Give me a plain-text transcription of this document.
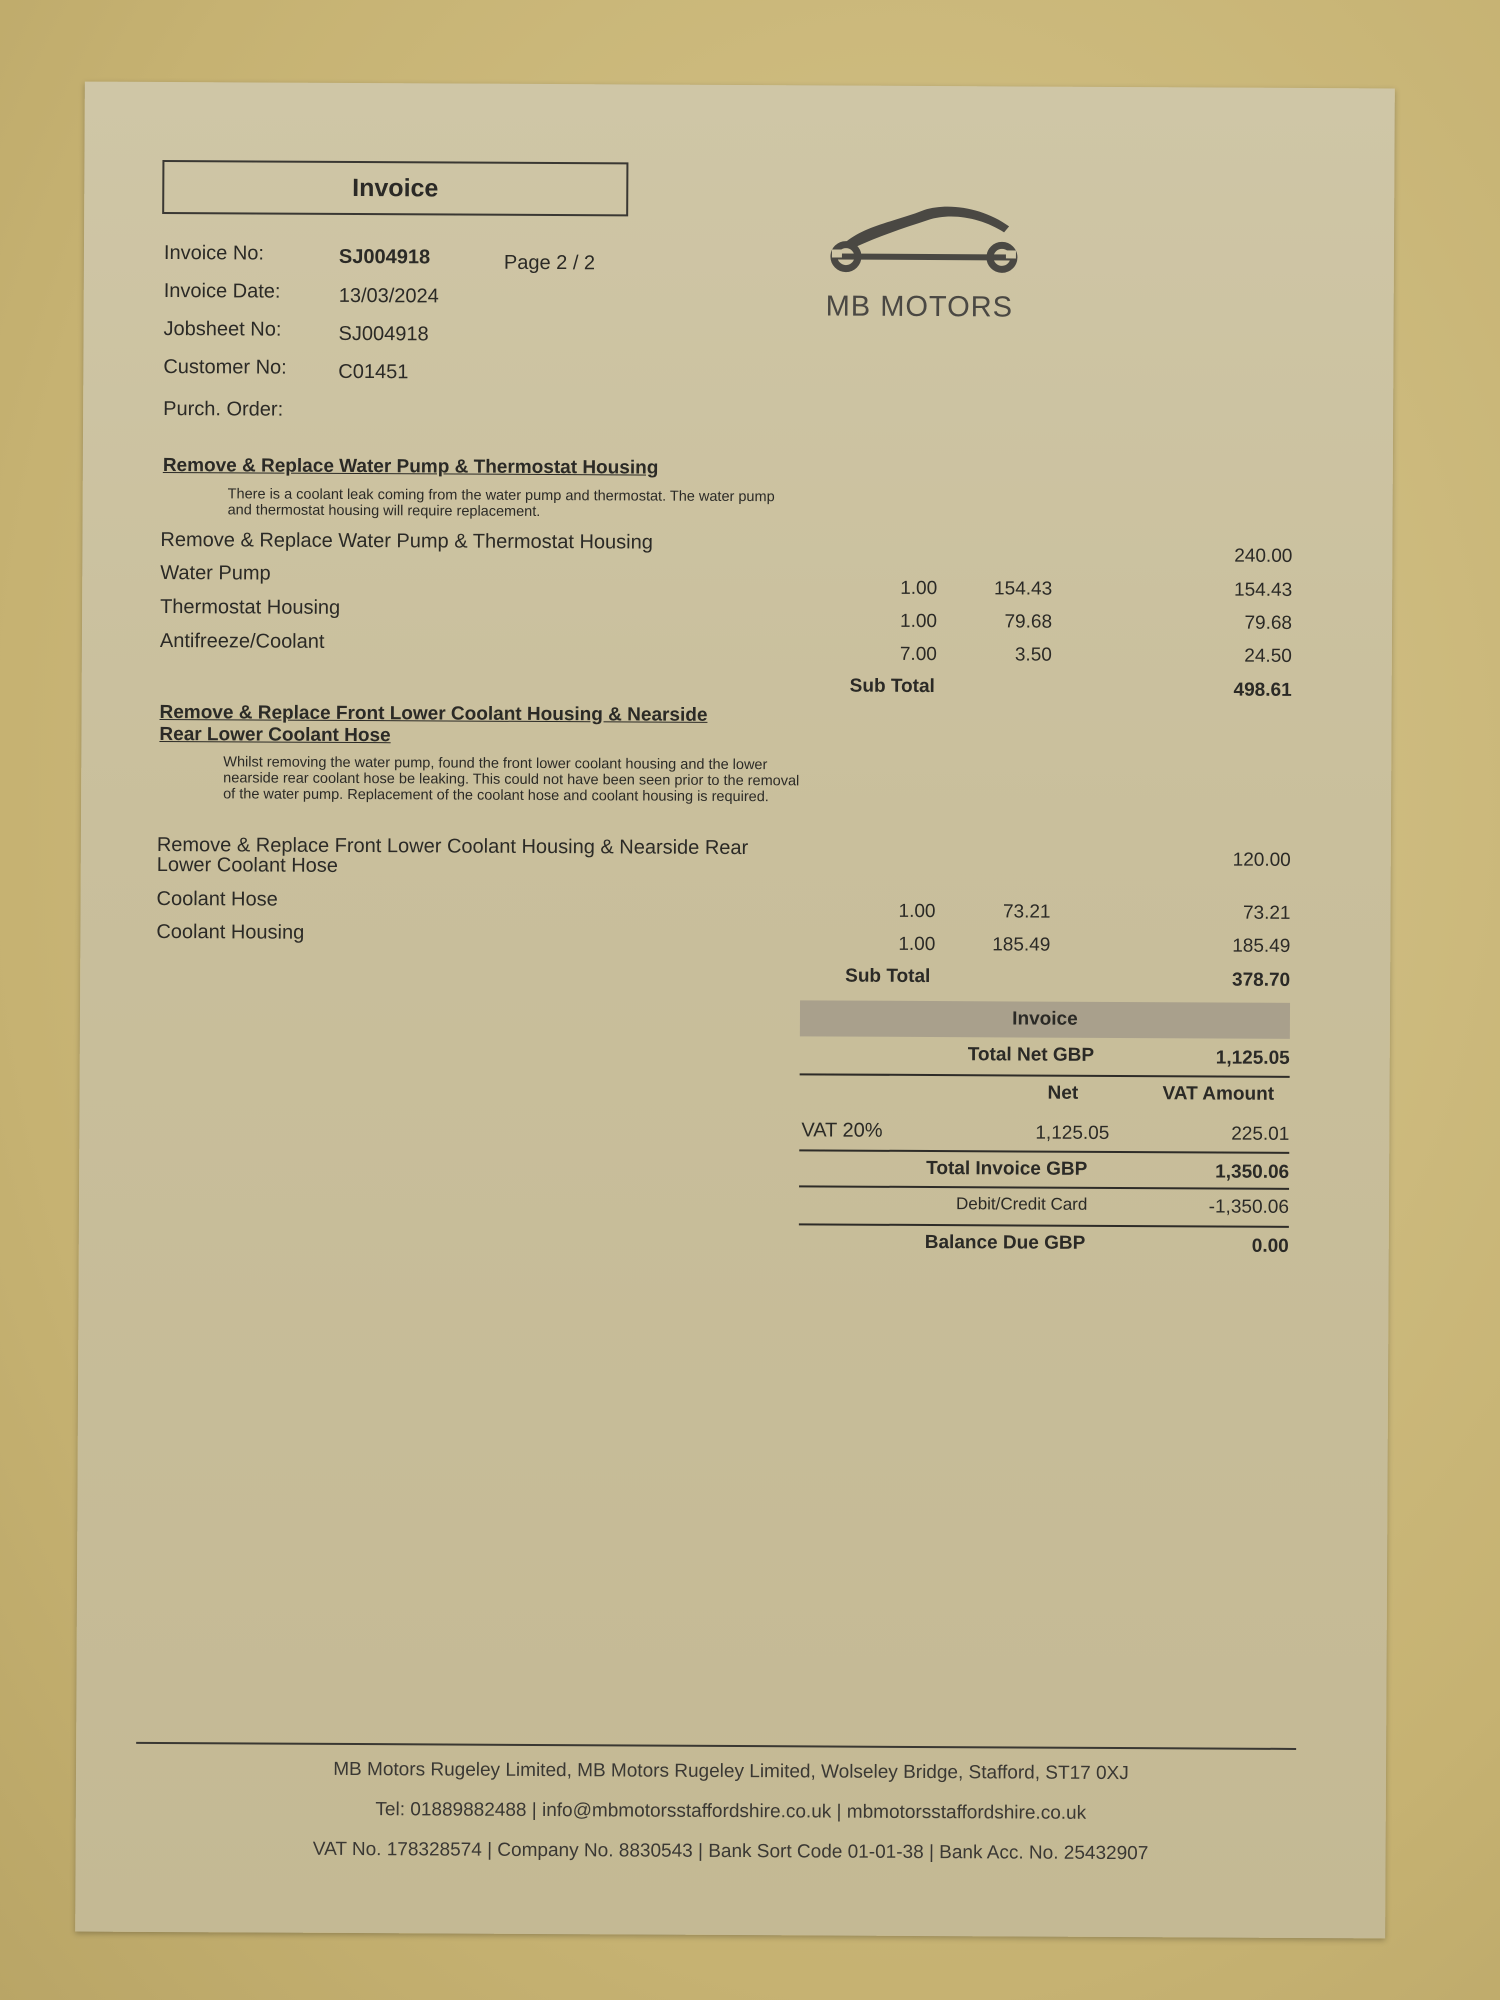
Invoice
Invoice No:	SJ004918	Page 2 / 2
Invoice Date:	13/03/2024
Jobsheet No:	SJ004918
Customer No:	C01451
Purch. Order:
MB MOTORS
Remove & Replace Water Pump & Thermostat Housing
There is a coolant leak coming from the water pump and thermostat. The water pump and thermostat housing will require replacement.
Remove & Replace Water Pump & Thermostat Housing
240.00
Water Pump
1.00	154.43	154.43
Thermostat Housing
1.00	79.68	79.68
Antifreeze/Coolant
7.00	3.50	24.50
Sub Total	498.61
Remove & Replace Front Lower Coolant Housing & Nearside
Rear Lower Coolant Hose
Whilst removing the water pump, found the front lower coolant housing and the lower nearside rear coolant hose be leaking. This could not have been seen prior to the removal of the water pump. Replacement of the coolant hose and coolant housing is required.
Remove & Replace Front Lower Coolant Housing & Nearside Rear
Lower Coolant Hose	120.00
Coolant Hose
1.00	73.21	73.21
Coolant Housing
1.00	185.49	185.49
Sub Total	378.70
Invoice
Total Net GBP	1,125.05
Net	VAT Amount
VAT 20%	1,125.05	225.01
Total Invoice GBP	1,350.06
Debit/Credit Card	-1,350.06
Balance Due GBP	0.00
MB Motors Rugeley Limited, MB Motors Rugeley Limited, Wolseley Bridge, Stafford, ST17 0XJ
Tel: 01889882488 | info@mbmotorsstaffordshire.co.uk | mbmotorsstaffordshire.co.uk
VAT No. 178328574 | Company No. 8830543 | Bank Sort Code 01-01-38 | Bank Acc. No. 25432907
